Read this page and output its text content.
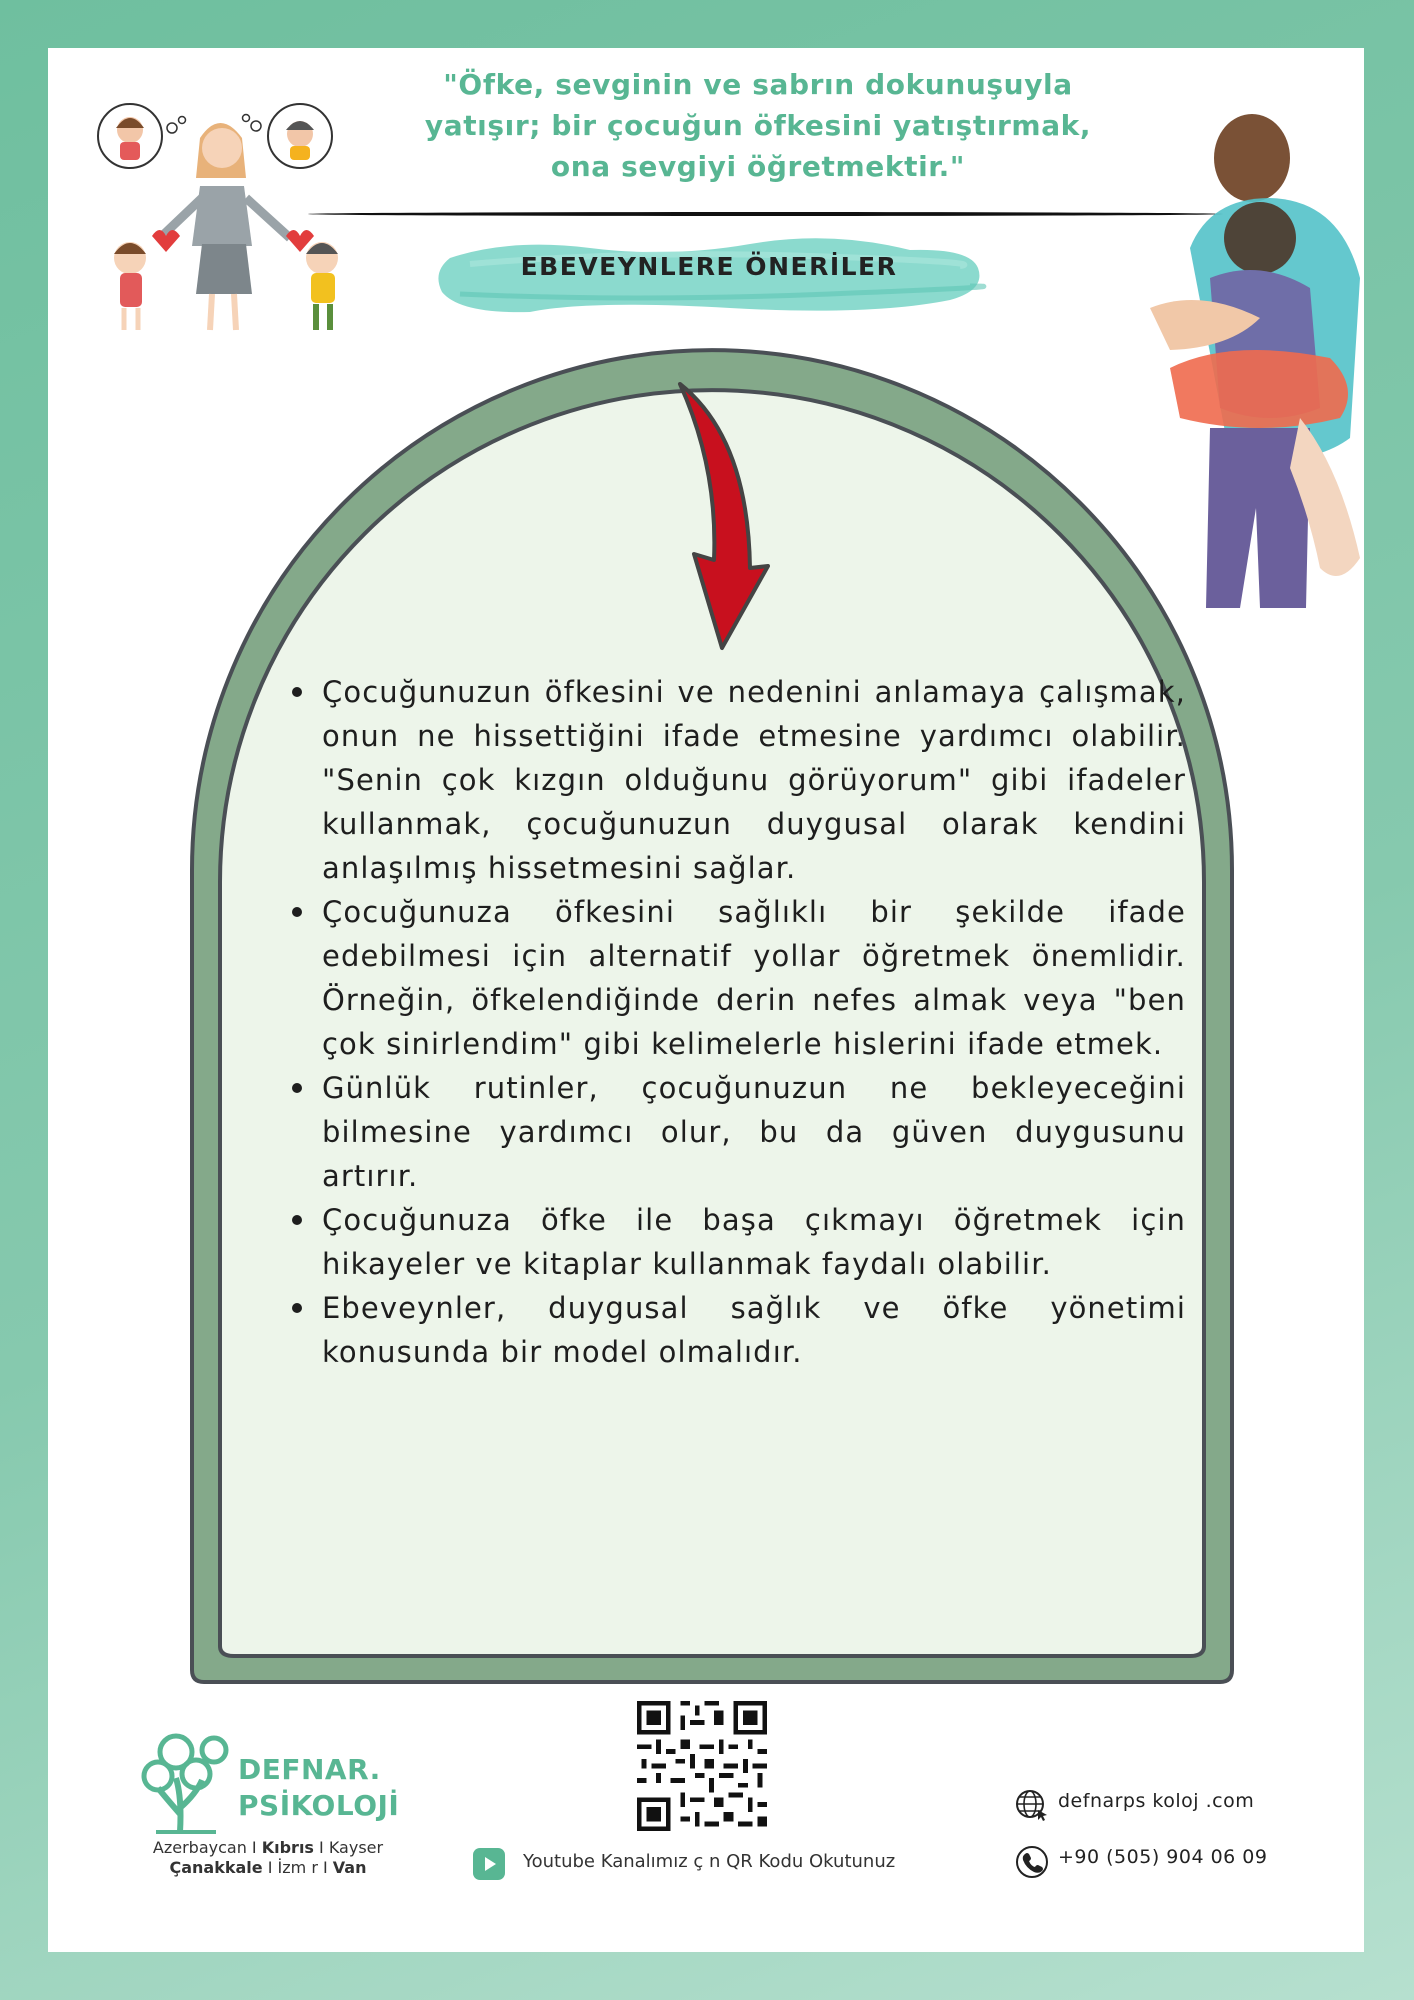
"Öfke, sevginin ve sabrın dokunuşuyla
yatışır; bir çocuğun öfkesini yatıştırmak,
ona sevgiyi öğretmektir."
EBEVEYNLERE ÖNERİLER
Çocuğunuzun öfkesini ve nedenini anlamaya çalışmak, onun ne hissettiğini ifade etmesine yardımcı olabilir. "Senin çok kızgın olduğunu görüyorum" gibi ifadeler kullanmak, çocuğunuzun duygusal olarak kendini anlaşılmış hissetmesini sağlar.
Çocuğunuza öfkesini sağlıklı bir şekilde ifade edebilmesi için alternatif yollar öğretmek önemlidir. Örneğin, öfkelendiğinde derin nefes almak veya "ben çok sinirlendim" gibi kelimelerle hislerini ifade etmek.
Günlük rutinler, çocuğunuzun ne bekleyeceğini bilmesine yardımcı olur, bu da güven duygusunu artırır.
Çocuğunuza öfke ile başa çıkmayı öğretmek için hikayeler ve kitaplar kullanmak faydalı olabilir.
Ebeveynler, duygusal sağlık ve öfke yönetimi konusunda bir model olmalıdır.
DEFNAR.
PSİKOLOJİ
Azerbaycan I Kıbrıs I Kayser
Çanakkale I İzm r I Van	Youtube Kanalımız ç n QR Kodu Okutunuz
defnarps koloj .com
+90 (505) 904 06 09
